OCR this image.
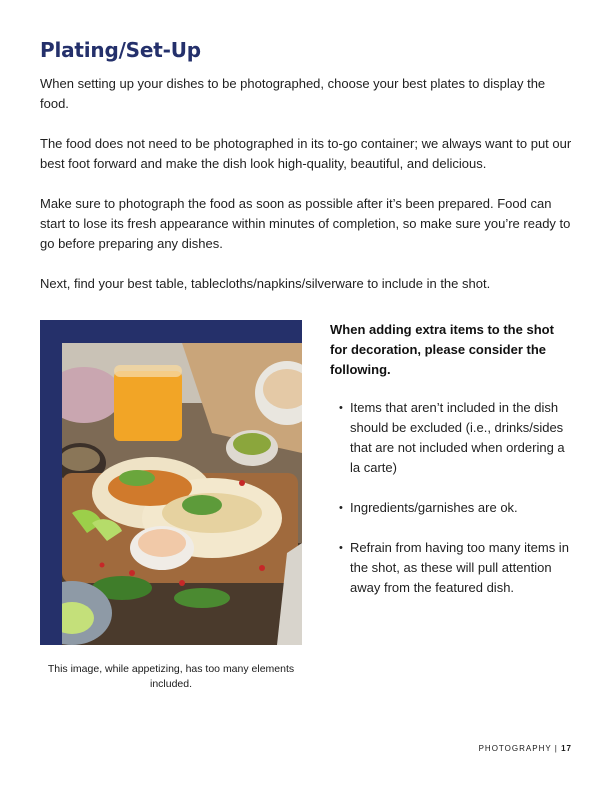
Plating/Set-Up

When setting up your dishes to be photographed, choose your best plates to display the food.

The food does not need to be photographed in its to-go container; we always want to put our best foot forward and make the dish look high-quality, beautiful, and delicious.

Make sure to photograph the food as soon as possible after it’s been prepared. Food can start to lose its fresh appearance within minutes of completion, so make sure you’re ready to go before preparing any dishes.

Next, find your best table, tablecloths/napkins/silverware to include in the shot.

This image, while appetizing, has too many elements included.

When adding extra items to the shot for decoration, please consider the following.

• Items that aren’t included in the dish should be excluded (i.e., drinks/sides that are not included when ordering a la carte)
• Ingredients/garnishes are ok.
• Refrain from having too many items in the shot, as these will pull attention away from the featured dish.

PHOTOGRAPHY | 17
